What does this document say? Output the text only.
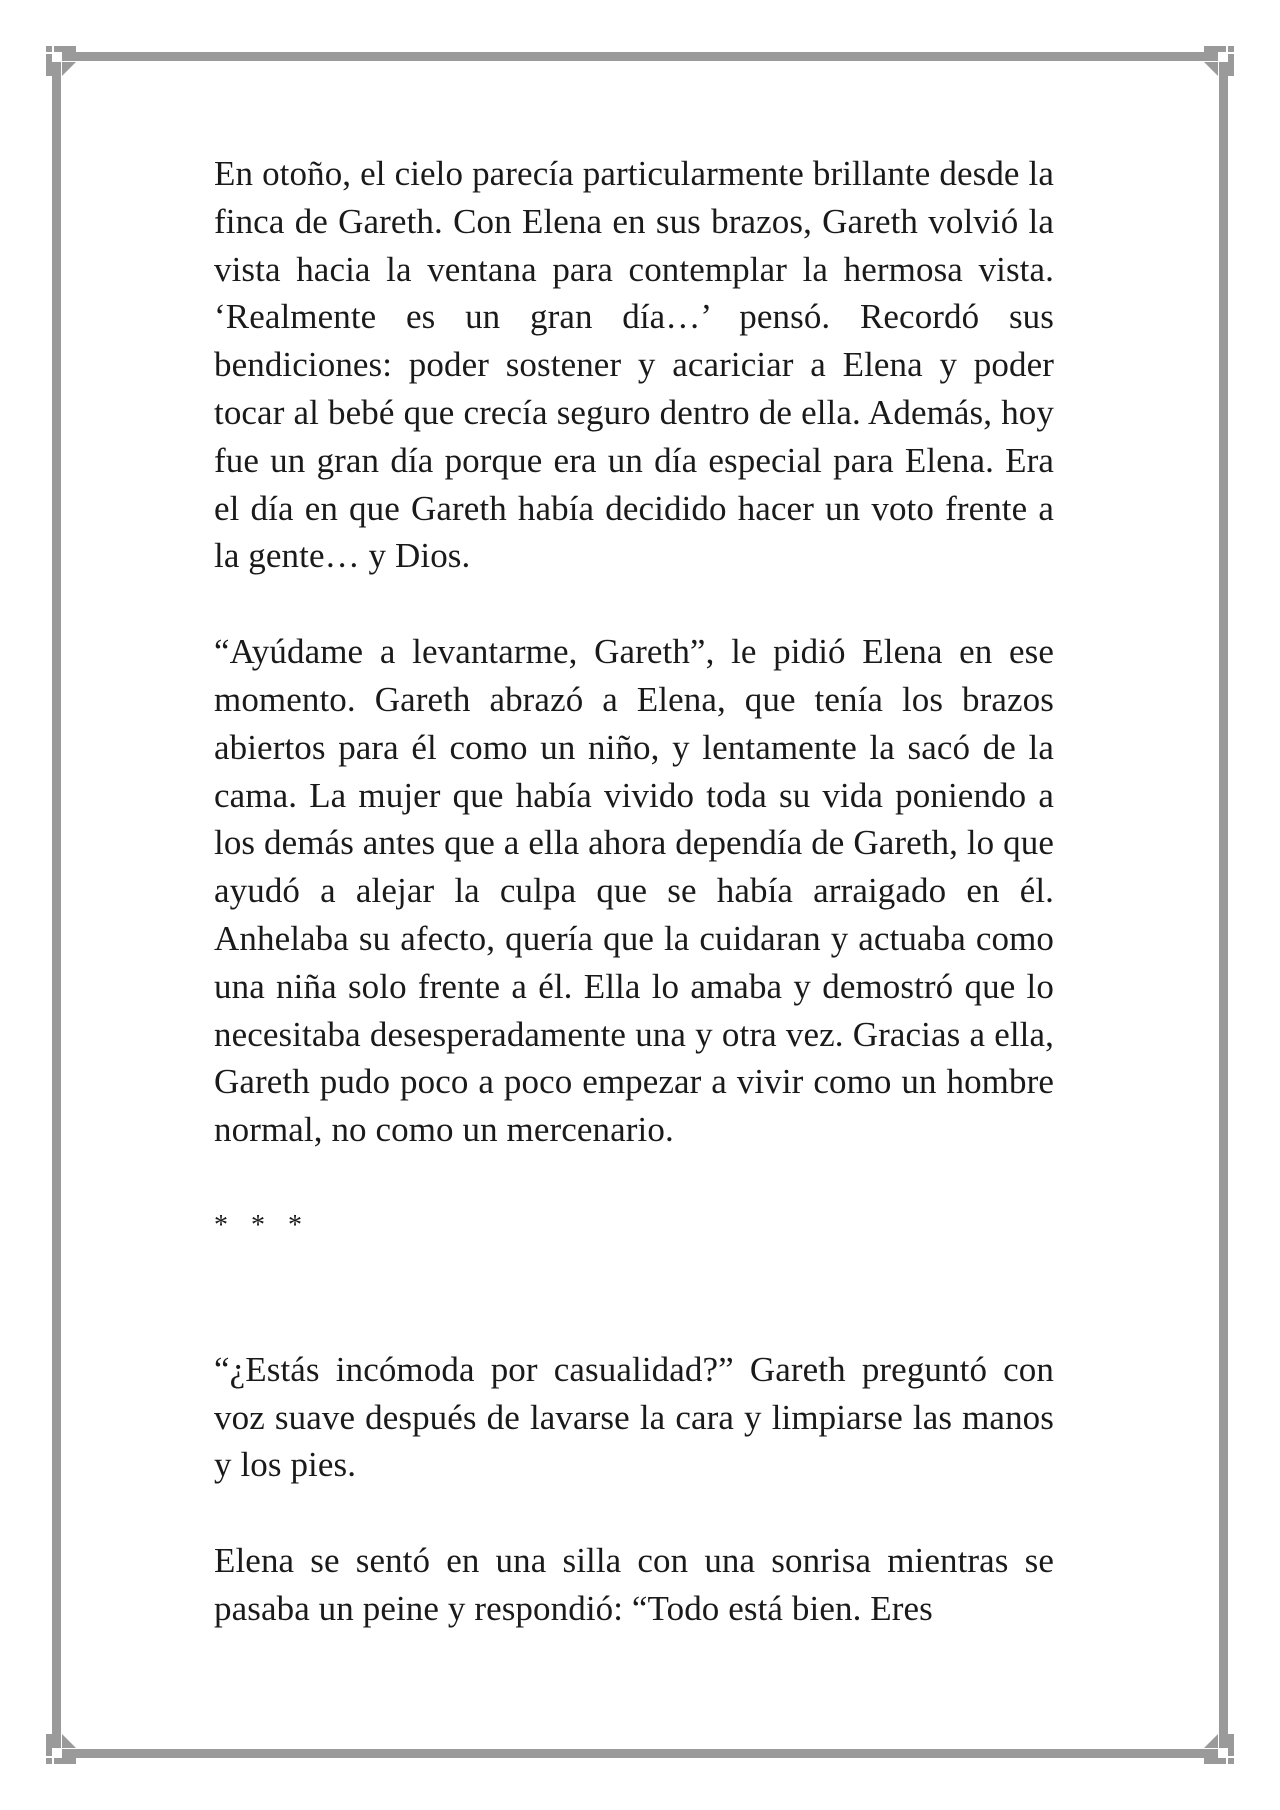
En otoño, el cielo parecía particularmente brillante desde la finca de Gareth. Con Elena en sus brazos, Gareth volvió la vista hacia la ventana para contemplar la hermosa vista. ‘Realmente es un gran día…’ pensó. Recordó sus bendiciones: poder sostener y acariciar a Elena y poder tocar al bebé que crecía seguro dentro de ella. Además, hoy fue un gran día porque era un día especial para Elena. Era el día en que Gareth había decidido hacer un voto frente a la gente… y Dios.

“Ayúdame a levantarme, Gareth”, le pidió Elena en ese momento. Gareth abrazó a Elena, que tenía los brazos abiertos para él como un niño, y lentamente la sacó de la cama. La mujer que había vivido toda su vida poniendo a los demás antes que a ella ahora dependía de Gareth, lo que ayudó a alejar la culpa que se había arraigado en él. Anhelaba su afecto, quería que la cuidaran y actuaba como una niña solo frente a él. Ella lo amaba y demostró que lo necesitaba desesperadamente una y otra vez. Gracias a ella, Gareth pudo poco a poco empezar a vivir como un hombre normal, no como un mercenario.

* * *

“¿Estás incómoda por casualidad?” Gareth preguntó con voz suave después de lavarse la cara y limpiarse las manos y los pies.

Elena se sentó en una silla con una sonrisa mientras se pasaba un peine y respondió: “Todo está bien. Eres
